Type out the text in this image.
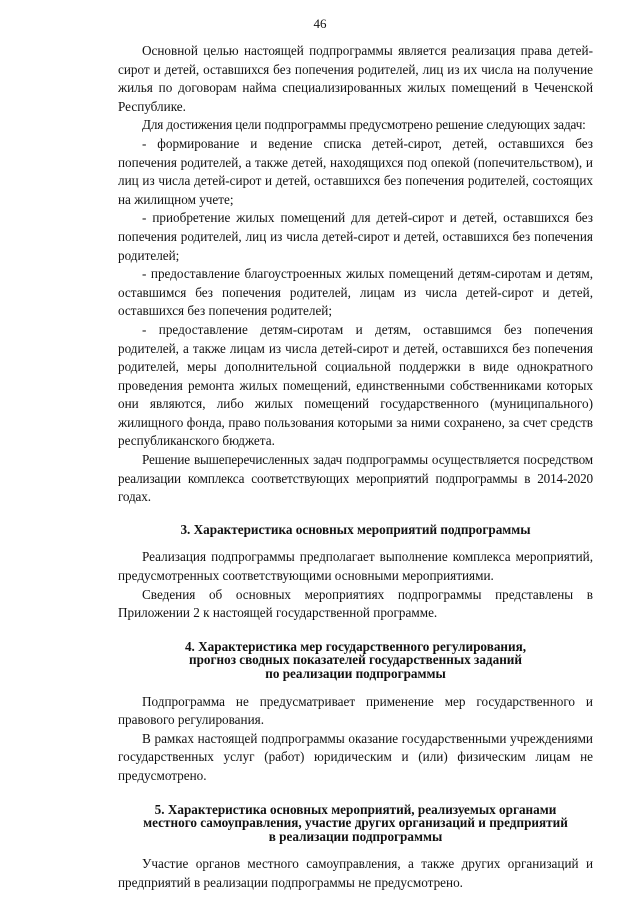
46

Основной целью настоящей подпрограммы является реализация права детей-сирот и детей, оставшихся без попечения родителей, лиц из их числа на получение жилья по договорам найма специализированных жилых помещений в Чеченской Республике.

Для достижения цели подпрограммы предусмотрено решение следующих задач:

- формирование и ведение списка детей-сирот, детей, оставшихся без попечения родителей, а также детей, находящихся под опекой (попечительством), и лиц из числа детей-сирот и детей, оставшихся без попечения родителей, состоящих на жилищном учете;

- приобретение жилых помещений для детей-сирот и детей, оставшихся без попечения родителей, лиц из числа детей-сирот и детей, оставшихся без попечения родителей;

- предоставление благоустроенных жилых помещений детям-сиротам и детям, оставшимся без попечения родителей, лицам из числа детей-сирот и детей, оставшихся без попечения родителей;

- предоставление детям-сиротам и детям, оставшимся без попечения родителей, а также лицам из числа детей-сирот и детей, оставшихся без попечения родителей, меры дополнительной социальной поддержки в виде однократного проведения ремонта жилых помещений, единственными собственниками которых они являются, либо жилых помещений государственного (муниципального) жилищного фонда, право пользования которыми за ними сохранено, за счет средств республиканского бюджета.

Решение вышеперечисленных задач подпрограммы осуществляется посредством реализации комплекса соответствующих мероприятий подпрограммы в 2014-2020 годах.

3. Характеристика основных мероприятий подпрограммы

Реализация подпрограммы предполагает выполнение комплекса мероприятий, предусмотренных соответствующими основными мероприятиями.

Сведения об основных мероприятиях подпрограммы представлены в Приложении 2 к настоящей государственной программе.

4. Характеристика мер государственного регулирования,
прогноз сводных показателей государственных заданий
по реализации подпрограммы

Подпрограмма не предусматривает применение мер государственного и правового регулирования.

В рамках настоящей подпрограммы оказание государственными учреждениями государственных услуг (работ) юридическим и (или) физическим лицам не предусмотрено.

5. Характеристика основных мероприятий, реализуемых органами
местного самоуправления, участие других организаций и предприятий
в реализации подпрограммы

Участие органов местного самоуправления, а также других организаций и предприятий в реализации подпрограммы не предусмотрено.
